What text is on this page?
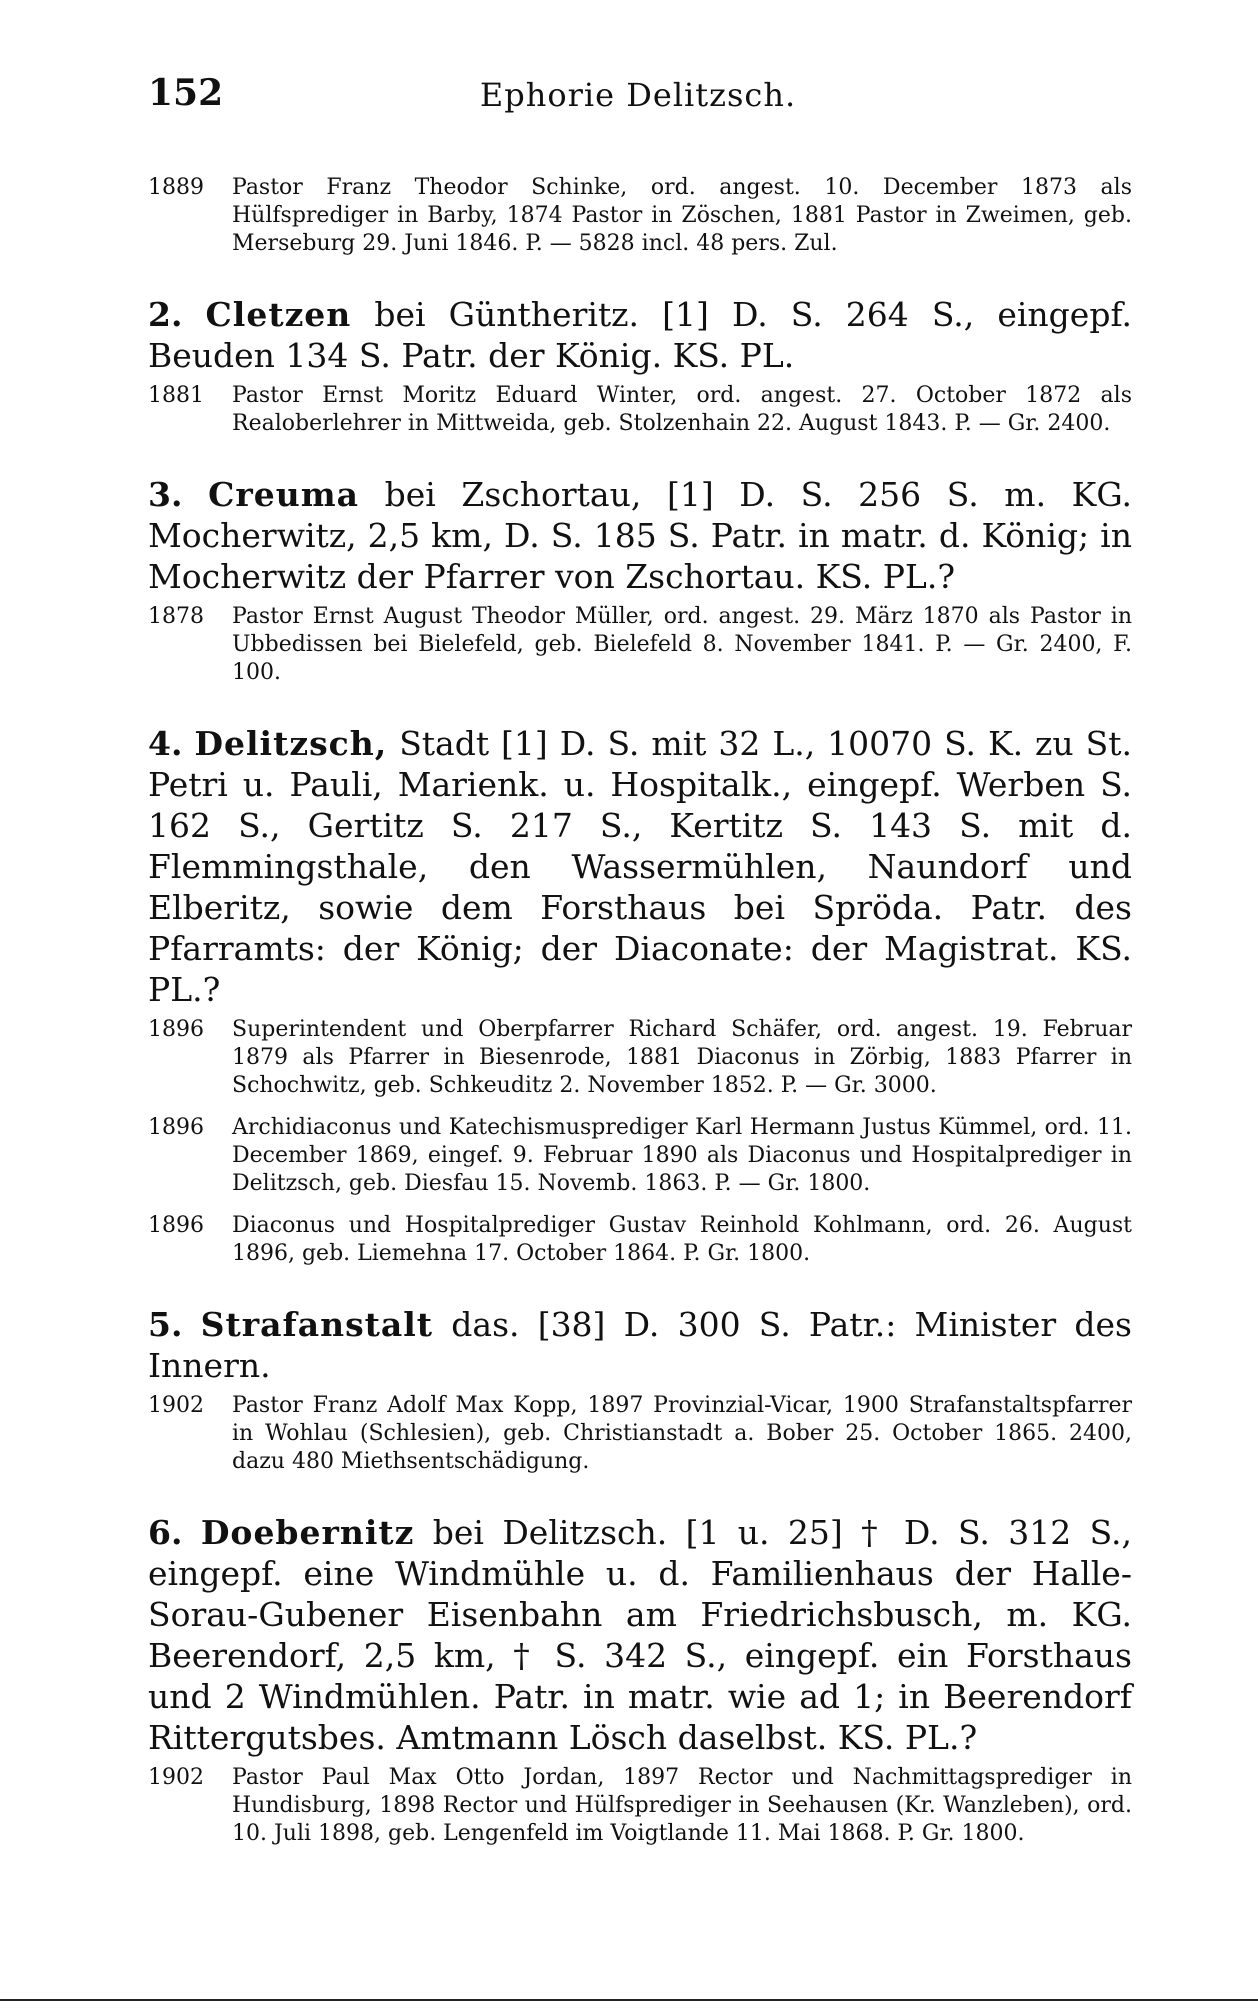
152	Ephorie Delitzsch.
1889	Pastor Franz Theodor Schinke, ord. angest. 10. December 1873 als Hülfsprediger in Barby, 1874 Pastor in Zöschen, 1881 Pastor in Zweimen, geb. Merseburg 29. Juni 1846. P. — 5828 incl. 48 pers. Zul.
2. Cletzen bei Güntheritz. [1] D. S. 264 S., eingepf. Beuden 134 S. Patr. der König. KS. PL.
1881	Pastor Ernst Moritz Eduard Winter, ord. angest. 27. October 1872 als Realoberlehrer in Mittweida, geb. Stolzenhain 22. August 1843. P. — Gr. 2400.
3. Creuma bei Zschortau, [1] D. S. 256 S. m. KG. Mocherwitz, 2,5 km, D. S. 185 S. Patr. in matr. d. König; in Mocherwitz der Pfarrer von Zschortau. KS. PL.?
1878	Pastor Ernst August Theodor Müller, ord. angest. 29. März 1870 als Pastor in Ubbedissen bei Bielefeld, geb. Bielefeld 8. November 1841. P. — Gr. 2400, F. 100.
4. Delitzsch, Stadt [1] D. S. mit 32 L., 10070 S. K. zu St. Petri u. Pauli, Marienk. u. Hospitalk., eingepf. Werben S. 162 S., Gertitz S. 217 S., Kertitz S. 143 S. mit d. Flemmingsthale, den Wassermühlen, Naundorf und Elberitz, sowie dem Forsthaus bei Spröda. Patr. des Pfarramts: der König; der Diaconate: der Magistrat. KS. PL.?
1896	Superintendent und Oberpfarrer Richard Schäfer, ord. angest. 19. Februar 1879 als Pfarrer in Biesenrode, 1881 Diaconus in Zörbig, 1883 Pfarrer in Schochwitz, geb. Schkeuditz 2. November 1852. P. — Gr. 3000.
1896	Archidiaconus und Katechismusprediger Karl Hermann Justus Kümmel, ord. 11. December 1869, eingef. 9. Februar 1890 als Diaconus und Hospitalprediger in Delitzsch, geb. Diesfau 15. Novemb. 1863. P. — Gr. 1800.
1896	Diaconus und Hospitalprediger Gustav Reinhold Kohlmann, ord. 26. August 1896, geb. Liemehna 17. October 1864. P. Gr. 1800.
5. Strafanstalt das. [38] D. 300 S. Patr.: Minister des Innern.
1902	Pastor Franz Adolf Max Kopp, 1897 Provinzial-Vicar, 1900 Strafanstaltspfarrer in Wohlau (Schlesien), geb. Christianstadt a. Bober 25. October 1865. 2400, dazu 480 Miethsentschädigung.
6. Doebernitz bei Delitzsch. [1 u. 25] † D. S. 312 S., eingepf. eine Windmühle u. d. Familienhaus der Halle-Sorau-Gubener Eisenbahn am Friedrichsbusch, m. KG. Beerendorf, 2,5 km, † S. 342 S., eingepf. ein Forsthaus und 2 Windmühlen. Patr. in matr. wie ad 1; in Beerendorf Rittergutsbes. Amtmann Lösch daselbst. KS. PL.?
1902	Pastor Paul Max Otto Jordan, 1897 Rector und Nachmittagsprediger in Hundisburg, 1898 Rector und Hülfsprediger in Seehausen (Kr. Wanzleben), ord. 10. Juli 1898, geb. Lengenfeld im Voigtlande 11. Mai 1868. P. Gr. 1800.
